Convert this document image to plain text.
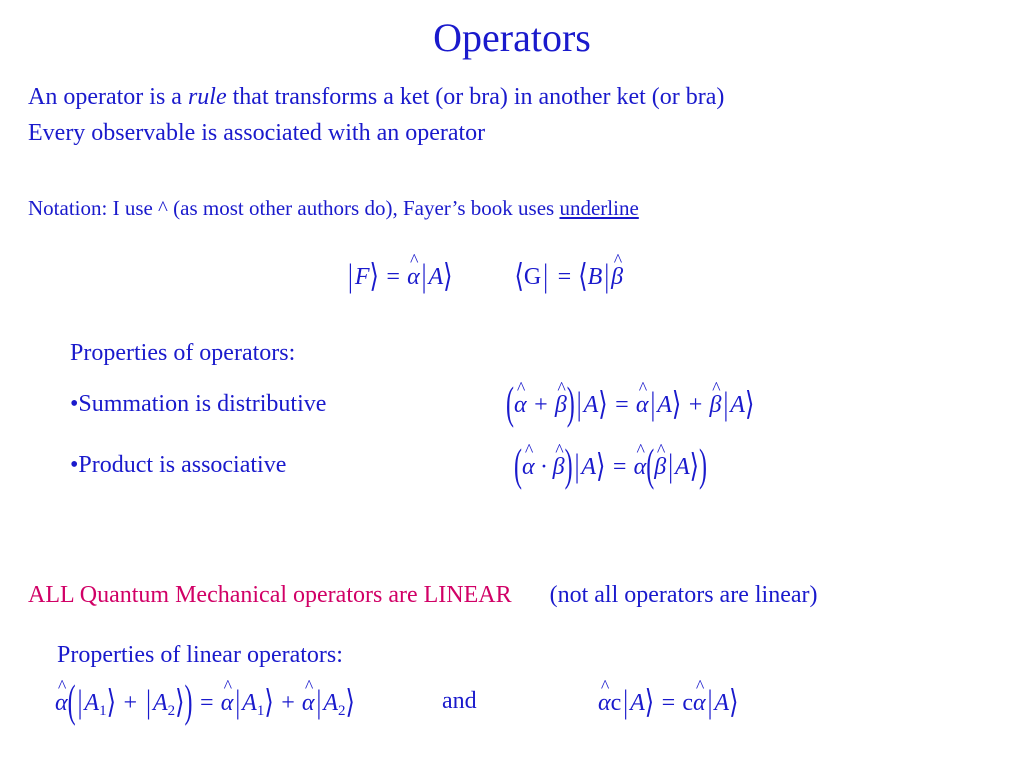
Operators
An operator is a rule that transforms a ket (or bra) in another ket (or bra)
Every observable is associated with an operator
Notation: I use ^ (as most other authors do), Fayer’s book uses underline
|F⟩ = ^ α|A⟩	⟨G| = ⟨B|^ β
Properties of operators:
•Summation is distributive	(^ α + ^ β)|A⟩ = ^ α|A⟩ + ^ β|A⟩
•Product is associative	(^ α · ^ β)|A⟩ = ^ α(^ β|A⟩)
ALL Quantum Mechanical operators are LINEAR (not all operators are linear)
Properties of linear operators:
^ $\alpha(|A_1⟩$ + $|A_2⟩$) = ^ $\alpha|A_1⟩$ + ^ $\alpha|A_2⟩$	and
^	αc|A⟩ = c^ α|A⟩
